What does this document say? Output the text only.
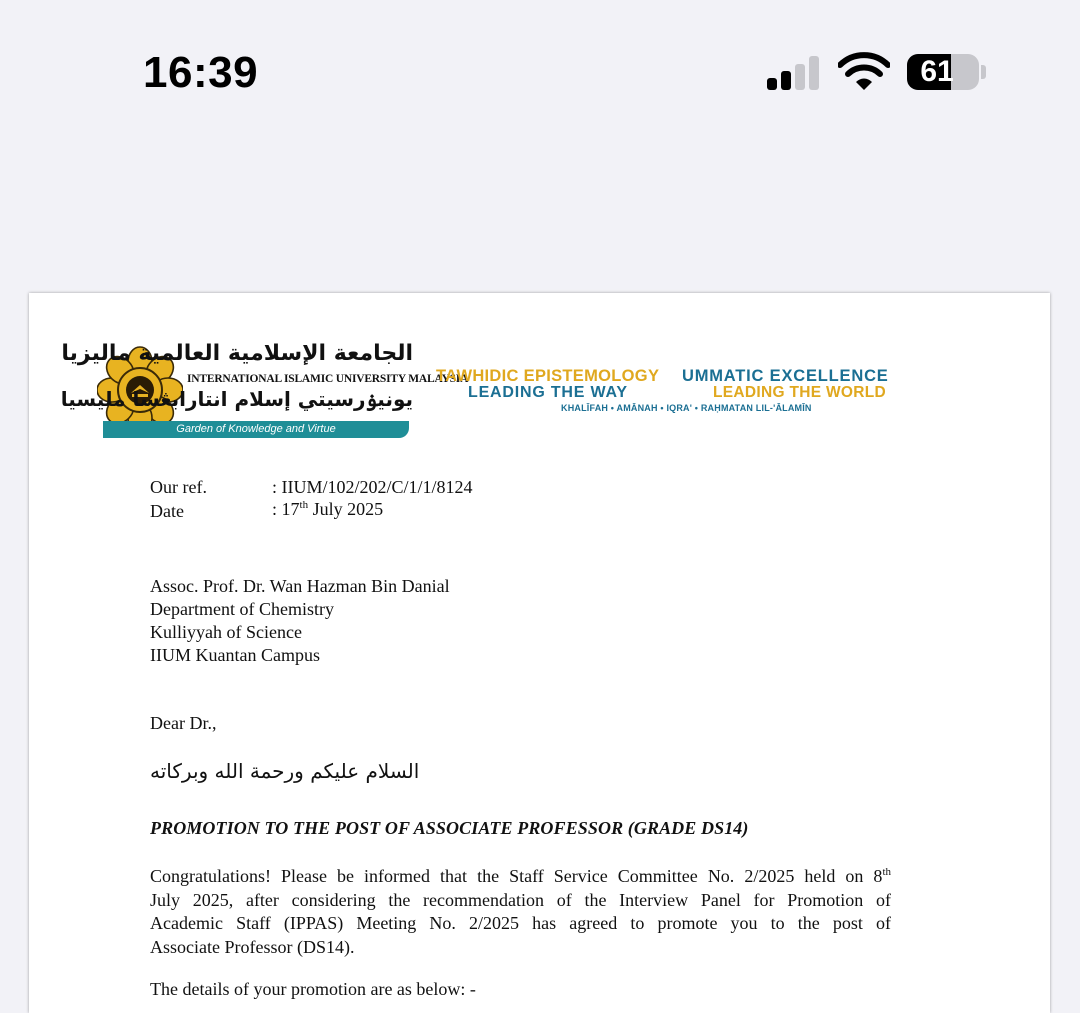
16:39	61
الجامعة الإسلامية العالمية ماليزيا
INTERNATIONAL ISLAMIC UNIVERSITY MALAYSIA
يونيۏرسيتي إسلام انتارابڠسا مليسيا
Garden of Knowledge and Virtue
TAWHIDIC EPISTEMOLOGY
LEADING THE WAY
UMMATIC EXCELLENCE
LEADING THE WORLD
KHALĪFAH • AMĀNAH • IQRA' • RAḤMATAN LIL-'ĀLAMĪN
Our ref.	: IIUM/102/202/C/1/1/8124
Date	: 17th July 2025
Assoc. Prof. Dr. Wan Hazman Bin Danial
Department of Chemistry
Kulliyyah of Science
IIUM Kuantan Campus
Dear Dr.,
السلام عليكم ورحمة الله وبركاته
PROMOTION TO THE POST OF ASSOCIATE PROFESSOR (GRADE DS14)
Congratulations! Please be informed that the Staff Service Committee No. 2/2025 held on 8th
July 2025, after considering the recommendation of the Interview Panel for Promotion of
Academic Staff (IPPAS) Meeting No. 2/2025 has agreed to promote you to the post of
Associate Professor (DS14).
The details of your promotion are as below: -
